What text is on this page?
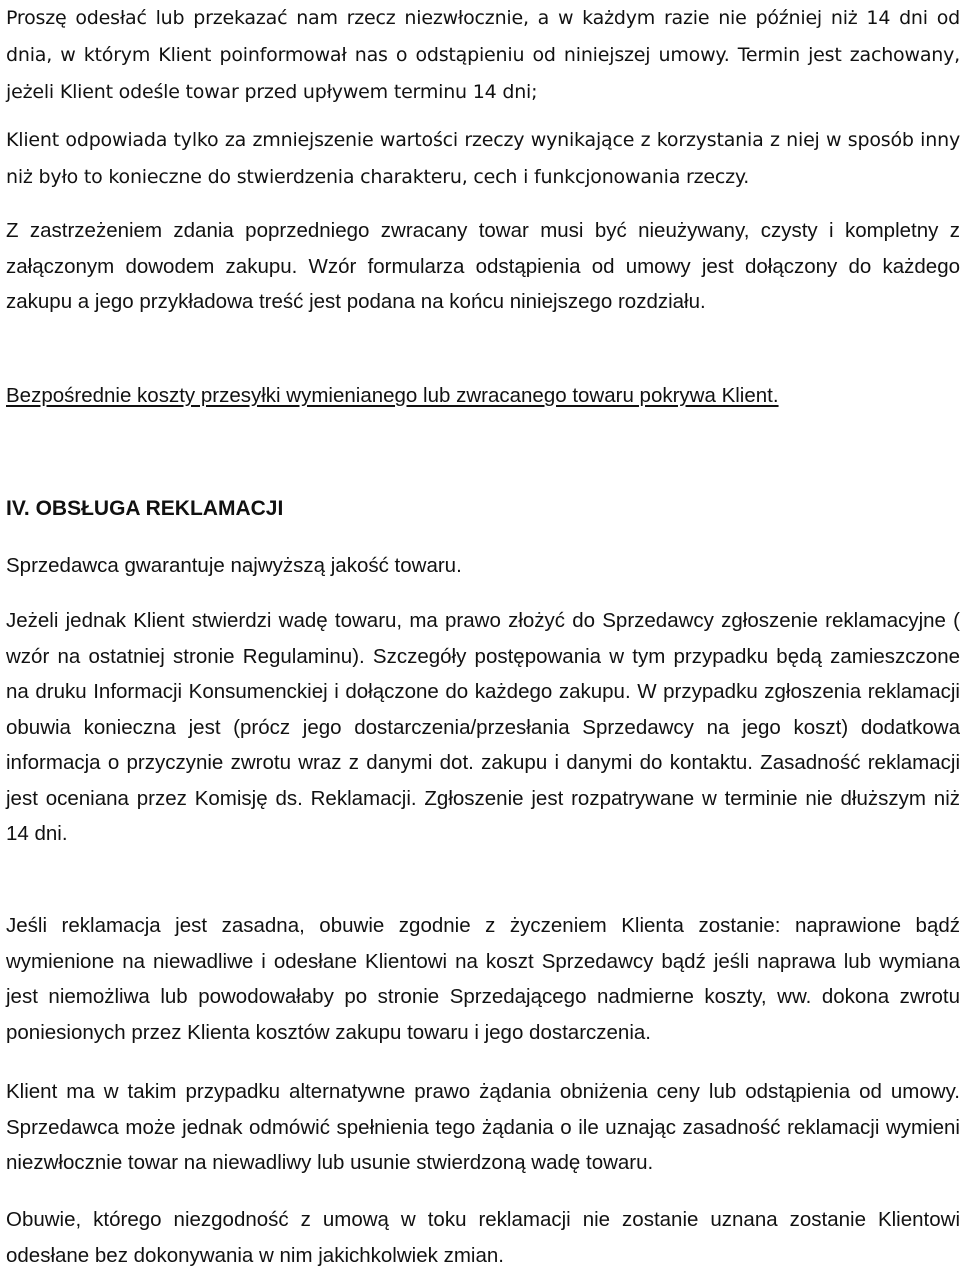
Proszę odesłać lub przekazać nam rzecz niezwłocznie, a w każdym razie nie później niż 14 dni od dnia, w którym Klient poinformował nas o odstąpieniu od niniejszej umowy. Termin jest zachowany, jeżeli Klient odeśle towar przed upływem terminu 14 dni;

Klient odpowiada tylko za zmniejszenie wartości rzeczy wynikające z korzystania z niej w sposób inny niż było to konieczne do stwierdzenia charakteru, cech i funkcjonowania rzeczy.

Z zastrzeżeniem zdania poprzedniego zwracany towar musi być nieużywany, czysty i kompletny z załączonym dowodem zakupu. Wzór formularza odstąpienia od umowy jest dołączony do każdego zakupu a jego przykładowa treść jest podana na końcu niniejszego rozdziału.

Bezpośrednie koszty przesyłki wymienianego lub zwracanego towaru pokrywa Klient.

IV. OBSŁUGA REKLAMACJI

Sprzedawca gwarantuje najwyższą jakość towaru.

Jeżeli jednak Klient stwierdzi wadę towaru, ma prawo złożyć do Sprzedawcy zgłoszenie reklamacyjne ( wzór na ostatniej stronie Regulaminu). Szczegóły postępowania w tym przypadku będą zamieszczone na druku Informacji Konsumenckiej i dołączone do każdego zakupu. W przypadku zgłoszenia reklamacji obuwia konieczna jest (prócz jego dostarczenia/przesłania Sprzedawcy na jego koszt) dodatkowa informacja o przyczynie zwrotu wraz z danymi dot. zakupu i danymi do kontaktu. Zasadność reklamacji jest oceniana przez Komisję ds. Reklamacji. Zgłoszenie jest rozpatrywane w terminie nie dłuższym niż 14 dni.

Jeśli reklamacja jest zasadna, obuwie zgodnie z życzeniem Klienta zostanie: naprawione bądź wymienione na niewadliwe i odesłane Klientowi na koszt Sprzedawcy bądź jeśli naprawa lub wymiana jest niemożliwa lub powodowałaby po stronie Sprzedającego nadmierne koszty, ww. dokona zwrotu poniesionych przez Klienta kosztów zakupu towaru i jego dostarczenia.

Klient ma w takim przypadku alternatywne prawo żądania obniżenia ceny lub odstąpienia od umowy. Sprzedawca może jednak odmówić spełnienia tego żądania o ile uznając zasadność reklamacji wymieni niezwłocznie towar na niewadliwy lub usunie stwierdzoną wadę towaru.

Obuwie, którego niezgodność z umową w toku reklamacji nie zostanie uznana zostanie Klientowi odesłane bez dokonywania w nim jakichkolwiek zmian.
